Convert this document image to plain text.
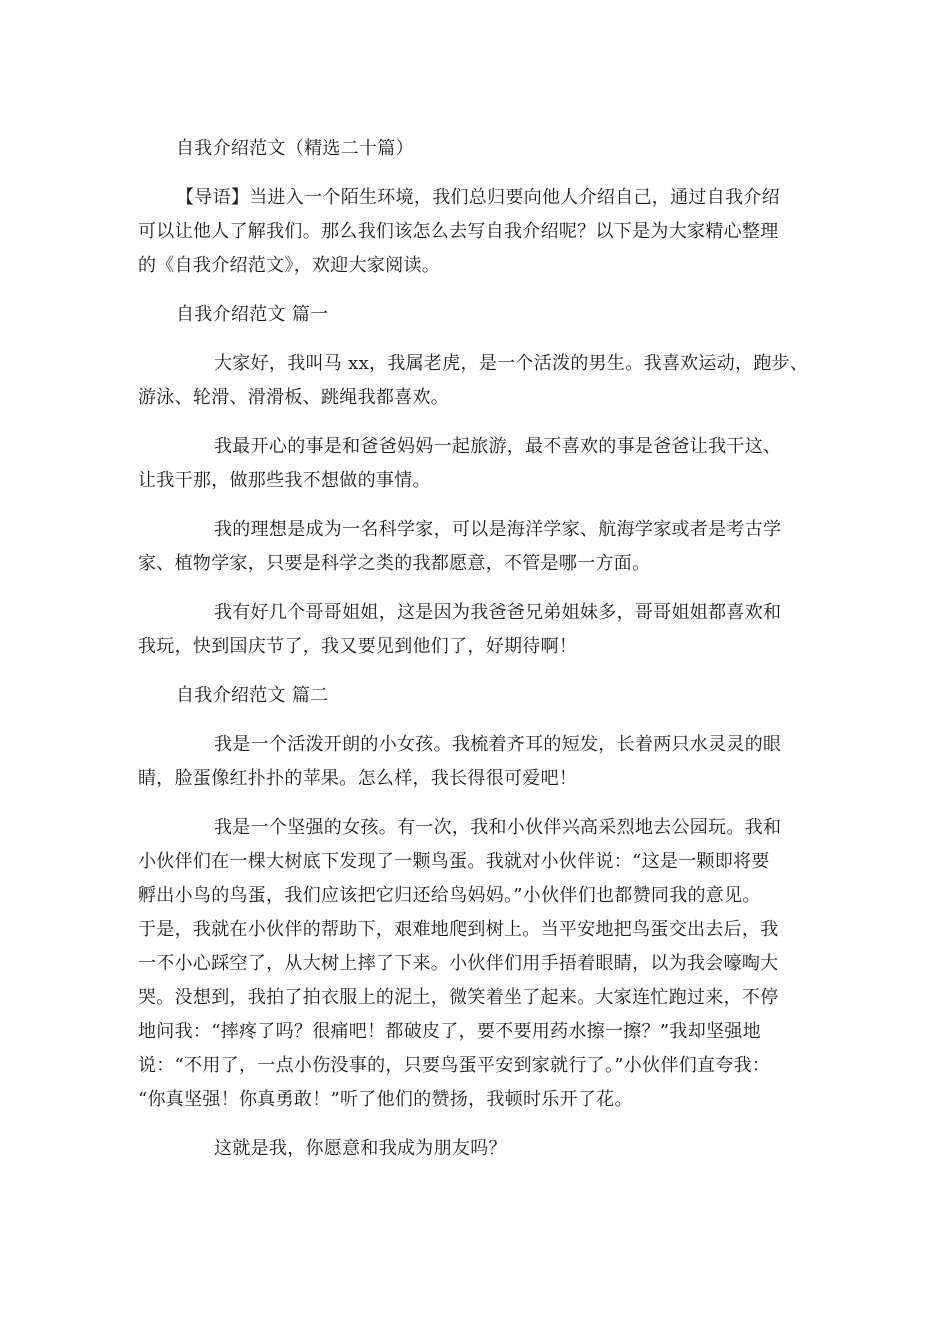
自我介绍范文（精选二十篇）
【导语】当进入一个陌生环境，我们总归要向他人介绍自己，通过自我介绍
可以让他人了解我们。那么我们该怎么去写自我介绍呢？以下是为大家精心整理
的《自我介绍范文》，欢迎大家阅读。
自我介绍范文 篇一
大家好，我叫马 xx，我属老虎，是一个活泼的男生。我喜欢运动，跑步、
游泳、轮滑、滑滑板、跳绳我都喜欢。
我最开心的事是和爸爸妈妈一起旅游，最不喜欢的事是爸爸让我干这、
让我干那，做那些我不想做的事情。
我的理想是成为一名科学家，可以是海洋学家、航海学家或者是考古学
家、植物学家，只要是科学之类的我都愿意，不管是哪一方面。
我有好几个哥哥姐姐，这是因为我爸爸兄弟姐妹多，哥哥姐姐都喜欢和
我玩，快到国庆节了，我又要见到他们了，好期待啊！
自我介绍范文 篇二
我是一个活泼开朗的小女孩。我梳着齐耳的短发，长着两只水灵灵的眼
睛，脸蛋像红扑扑的苹果。怎么样，我长得很可爱吧！
我是一个坚强的女孩。有一次，我和小伙伴兴高采烈地去公园玩。我和
小伙伴们在一棵大树底下发现了一颗鸟蛋。我就对小伙伴说：“这是一颗即将要
孵出小鸟的鸟蛋，我们应该把它归还给鸟妈妈。”小伙伴们也都赞同我的意见。
于是，我就在小伙伴的帮助下，艰难地爬到树上。当平安地把鸟蛋交出去后，我
一不小心踩空了，从大树上摔了下来。小伙伴们用手捂着眼睛，以为我会嚎啕大
哭。没想到，我拍了拍衣服上的泥土，微笑着坐了起来。大家连忙跑过来，不停
地问我：“摔疼了吗？很痛吧！都破皮了，要不要用药水擦一擦？”我却坚强地
说：“不用了，一点小伤没事的，只要鸟蛋平安到家就行了。”小伙伴们直夸我：
“你真坚强！你真勇敢！”听了他们的赞扬，我顿时乐开了花。
这就是我，你愿意和我成为朋友吗？
